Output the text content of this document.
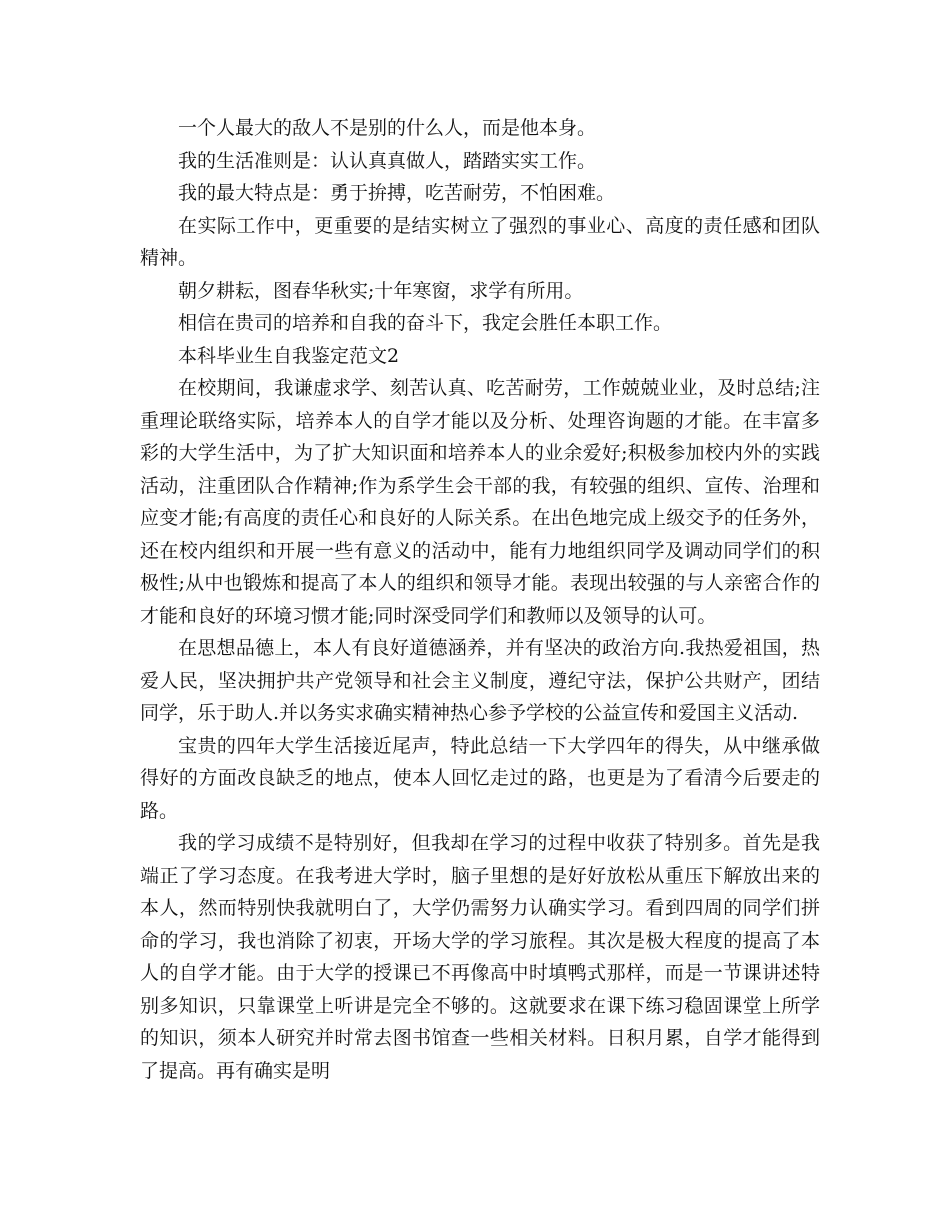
一个人最大的敌人不是别的什么人，而是他本身。

我的生活准则是：认认真真做人，踏踏实实工作。

我的最大特点是：勇于拚搏，吃苦耐劳，不怕困难。

在实际工作中，更重要的是结实树立了强烈的事业心、高度的责任感和团队精神。

朝夕耕耘，图春华秋实;十年寒窗，求学有所用。

相信在贵司的培养和自我的奋斗下，我定会胜任本职工作。

本科毕业生自我鉴定范文2

在校期间，我谦虚求学、刻苦认真、吃苦耐劳，工作兢兢业业，及时总结;注重理论联络实际，培养本人的自学才能以及分析、处理咨询题的才能。在丰富多彩的大学生活中，为了扩大知识面和培养本人的业余爱好;积极参加校内外的实践活动，注重团队合作精神;作为系学生会干部的我，有较强的组织、宣传、治理和应变才能;有高度的责任心和良好的人际关系。在出色地完成上级交予的任务外，还在校内组织和开展一些有意义的活动中，能有力地组织同学及调动同学们的积极性;从中也锻炼和提高了本人的组织和领导才能。表现出较强的与人亲密合作的才能和良好的环境习惯才能;同时深受同学们和教师以及领导的认可。

在思想品德上，本人有良好道德涵养，并有坚决的政治方向.我热爱祖国，热爱人民，坚决拥护共产党领导和社会主义制度，遵纪守法，保护公共财产，团结同学，乐于助人.并以务实求确实精神热心参予学校的公益宣传和爱国主义活动.

宝贵的四年大学生活接近尾声，特此总结一下大学四年的得失，从中继承做得好的方面改良缺乏的地点，使本人回忆走过的路，也更是为了看清今后要走的路。

我的学习成绩不是特别好，但我却在学习的过程中收获了特别多。首先是我端正了学习态度。在我考进大学时，脑子里想的是好好放松从重压下解放出来的本人，然而特别快我就明白了，大学仍需努力认确实学习。看到四周的同学们拼命的学习，我也消除了初衷，开场大学的学习旅程。其次是极大程度的提高了本人的自学才能。由于大学的授课已不再像高中时填鸭式那样，而是一节课讲述特别多知识，只靠课堂上听讲是完全不够的。这就要求在课下练习稳固课堂上所学的知识，须本人研究并时常去图书馆查一些相关材料。日积月累，自学才能得到了提高。再有确实是明
